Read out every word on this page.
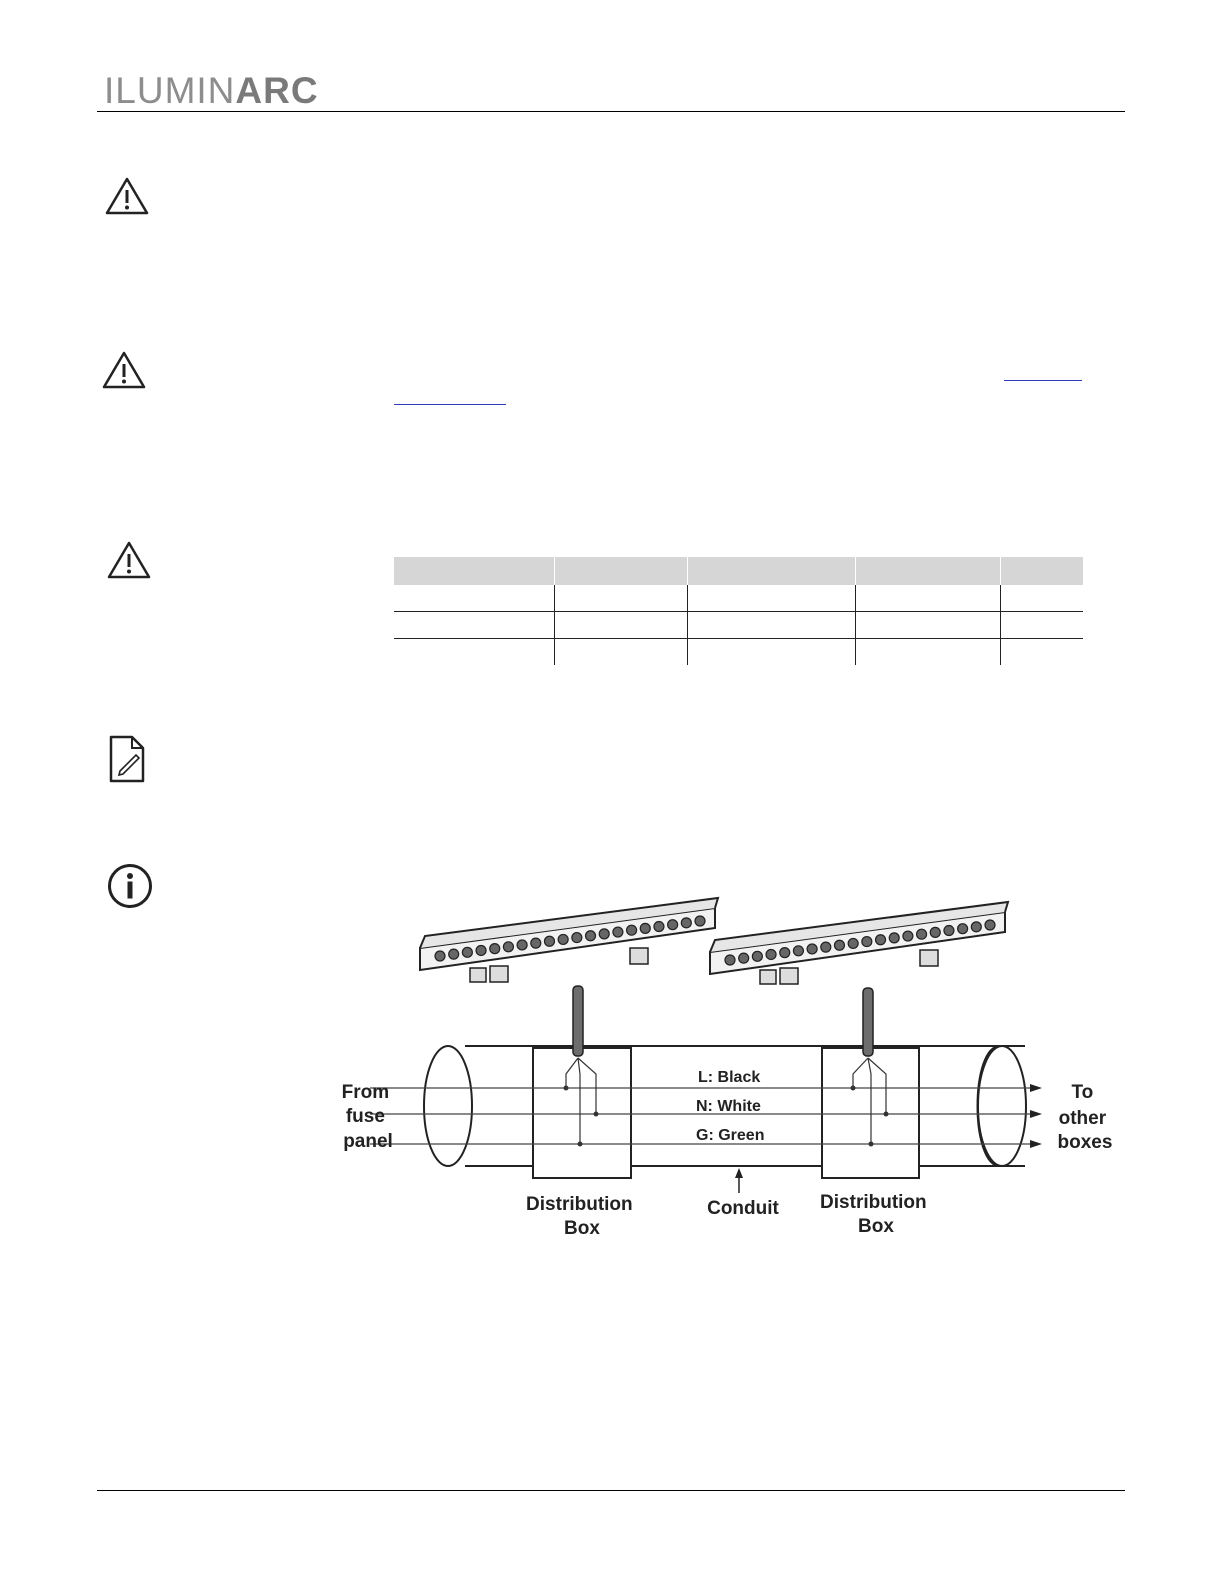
ILUMINARC

From fuse panel
To other boxes
L: Black
N: White
G: Green
Distribution Box
Distribution Box
Conduit
